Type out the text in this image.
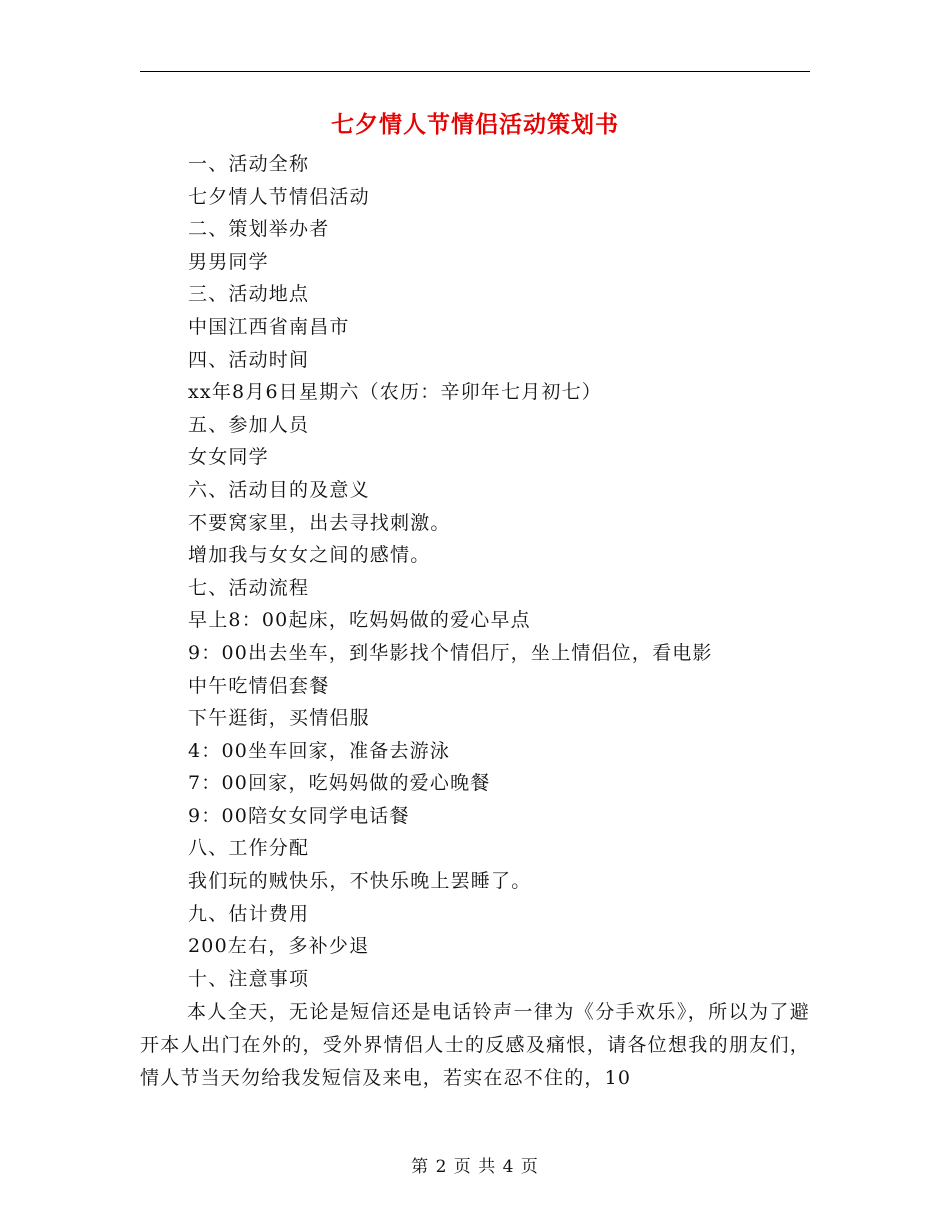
七夕情人节情侣活动策划书
一、活动全称
七夕情人节情侣活动
二、策划举办者
男男同学
三、活动地点
中国江西省南昌市
四、活动时间
xx年8月6日星期六（农历：辛卯年七月初七）
五、参加人员
女女同学
六、活动目的及意义
不要窝家里，出去寻找刺激。
增加我与女女之间的感情。
七、活动流程
早上8：00起床，吃妈妈做的爱心早点
9：00出去坐车，到华影找个情侣厅，坐上情侣位，看电影
中午吃情侣套餐
下午逛街，买情侣服
4：00坐车回家，准备去游泳
7：00回家，吃妈妈做的爱心晚餐
9：00陪女女同学电话餐
八、工作分配
我们玩的贼快乐，不快乐晚上罢睡了。
九、估计费用
200左右，多补少退
十、注意事项
本人全天，无论是短信还是电话铃声一律为《分手欢乐》，所以为了避开本人出门在外的，受外界情侣人士的反感及痛恨，请各位想我的朋友们，情人节当天勿给我发短信及来电，若实在忍不住的，10
第 2 页 共 4 页
